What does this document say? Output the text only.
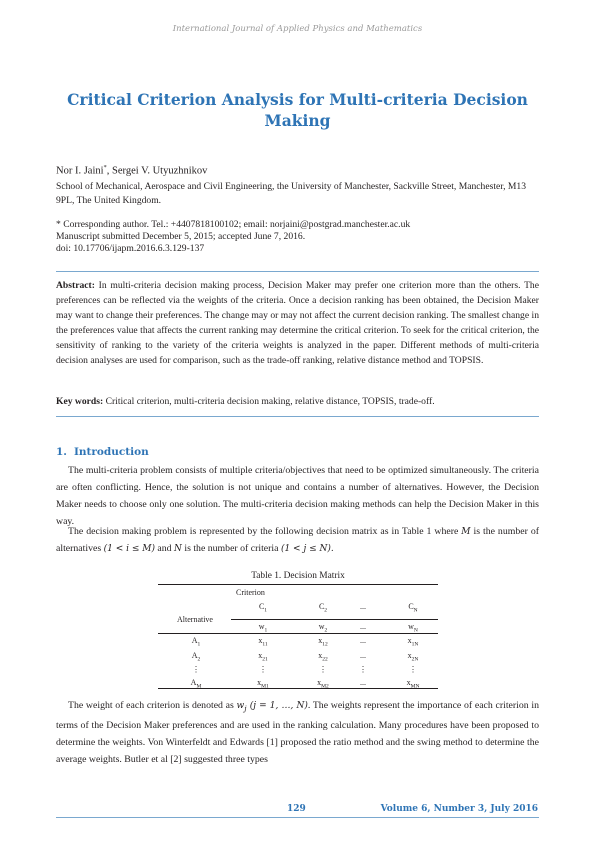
International Journal of Applied Physics and Mathematics
Critical Criterion Analysis for Multi-criteria Decision Making
Nor I. Jaini*, Sergei V. Utyuzhnikov
School of Mechanical, Aerospace and Civil Engineering, the University of Manchester, Sackville Street, Manchester, M13 9PL, The United Kingdom.
* Corresponding author. Tel.: +4407818100102; email: norjaini@postgrad.manchester.ac.uk
Manuscript submitted December 5, 2015; accepted June 7, 2016.
doi: 10.17706/ijapm.2016.6.3.129-137
Abstract: In multi-criteria decision making process, Decision Maker may prefer one criterion more than the others. The preferences can be reflected via the weights of the criteria. Once a decision ranking has been obtained, the Decision Maker may want to change their preferences. The change may or may not affect the current decision ranking. The smallest change in the preferences value that affects the current ranking may determine the critical criterion. To seek for the critical criterion, the sensitivity of ranking to the variety of the criteria weights is analyzed in the paper. Different methods of multi-criteria decision analyses are used for comparison, such as the trade-off ranking, relative distance method and TOPSIS.
Key words: Critical criterion, multi-criteria decision making, relative distance, TOPSIS, trade-off.
1. Introduction

The multi-criteria problem consists of multiple criteria/objectives that need to be optimized simultaneously. The criteria are often conflicting. Hence, the solution is not unique and contains a number of alternatives. However, the Decision Maker needs to choose only one solution. The multi-criteria decision making methods can help the Decision Maker in this way.

The decision making problem is represented by the following decision matrix as in Table 1 where M is the number of alternatives (1 < i ≤ M) and N is the number of criteria (1 < j ≤ N).

Table 1. Decision Matrix
Criterion
Alternative
$C_1$	$C_2$	...	$C_N$
$w_1$	$w_2$	...	$w_N$
$A_1$	$x_{11}$	$x_{12}$	...	$x_{1N}$
$A_2$	$x_{21}$	$x_{22}$	...	$x_{2N}$
⋮	⋮	⋮	⋮	⋮
$A_M$	$x_{M1}$	$x_{M2}$	...	$x_{MN}$

The weight of each criterion is denoted as $w_j$ (j = 1, …, N). The weights represent the importance of each criterion in terms of the Decision Maker preferences and are used in the ranking calculation. Many procedures have been proposed to determine the weights. Von Winterfeldt and Edwards [1] proposed the ratio method and the swing method to determine the average weights. Butler et al [2] suggested three types

129	Volume 6, Number 3, July 2016
